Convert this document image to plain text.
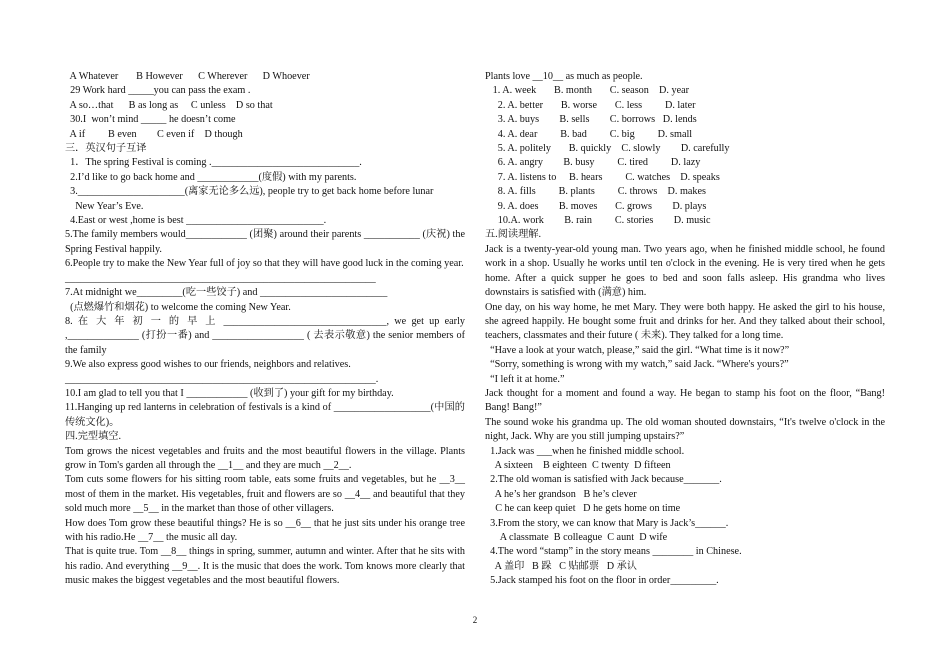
A Whatever       B However      C Wherever      D Whoever
29 Work hard _____you can pass the exam .
A so…that      B as long as     C unless    D so that
30.I  won’t mind _____ he doesn’t come
A if         B even        C even if    D though
三．英汉句子互译
1．The spring Festival is coming ._____________________________.
2.I’d like to go back home and ____________(度假) with my parents.
3._____________________(离家无论多么远), people try to get back home before lunar
New Year’s Eve.
4.East or west ,home is best ___________________________.
5.The family members would____________ (团聚) around their parents ___________ (庆祝) the Spring Festival happily.
6.People try to make the New Year full of joy so that they will have good luck in the coming year.
_____________________________________________________________
7.At midnight we_________(吃一些饺子) and _________________________
(点燃爆竹和烟花) to welcome the coming New Year.
8. 在 大 年 初 一 的 早 上 ________________________________, we get up early ,______________ (打扮一番) and __________________ ( 去表示敬意) the senior members of the family
9.We also express good wishes to our friends, neighbors and relatives.
_____________________________________________________________.
10.I am glad to tell you that I ____________ (收到了) your gift for my birthday.
11.Hanging up red lanterns in celebration of festivals is a kind of ___________________(中国的传统文化)。
四.完型填空.
Tom grows the nicest vegetables and fruits and the most beautiful flowers in the village. Plants grow in Tom's garden all through the __1__ and they are much __2__.
Tom cuts some flowers for his sitting room table, eats some fruits and vegetables, but he __3__ most of them in the market. His vegetables, fruit and flowers are so __4__ and beautiful that they sold much more __5__ in the market than those of other villagers.
How does Tom grow these beautiful things? He is so __6__ that he just sits under his orange tree with his radio.He __7__ the music all day.
That is quite true. Tom __8__ things in spring, summer, autumn and winter. After that he sits with his radio. And everything __9__. It is the music that does the work. Tom knows more clearly that music makes the biggest vegetables and the most beautiful flowers.
Plants love __10__ as much as people.
1. A. week       B. month       C. season    D. year
2. A. better       B. worse       C. less         D. later
3. A. buys        B. sells        C. borrows   D. lends
4. A. dear         B. bad         C. big         D. small
5. A. politely       B. quickly    C. slowly        D. carefully
6. A. angry        B. busy         C. tired         D. lazy
7. A. listens to     B. hears         C. watches    D. speaks
8. A. fills         B. plants         C. throws    D. makes
9. A. does        B. moves       C. grows        D. plays
10.A. work        B. rain         C. stories        D. music
五.阅读理解.
Jack is a twenty-year-old young man. Two years ago, when he finished middle school, he found work in a shop. Usually he works until ten o'clock in the evening. He is very tired when he gets home. After a quick supper he goes to bed and soon falls asleep. His grandma who lives downstairs is satisfied with (满意) him.
One day, on his way home, he met Mary. They were both happy. He asked the girl to his house, she agreed happily. He bought some fruit and drinks for her. And they talked about their school, teachers, classmates and their future ( 未来). They talked for a long time.
“Have a look at your watch, please,” said the girl. “What time is it now?”
“Sorry, something is wrong with my watch,” said Jack. “Where's yours?”
“I left it at home.”
Jack thought for a moment and found a way. He began to stamp his foot on the floor, “Bang! Bang! Bang!”
The sound woke his grandma up. The old woman shouted downstairs, “It's twelve o'clock in the night, Jack. Why are you still jumping upstairs?”
1.Jack was ___when he finished middle school.
A sixteen    B eighteen  C twenty  D fifteen
2.The old woman is satisfied with Jack because_______.
A he’s her grandson   B he’s clever
C he can keep quiet   D he gets home on time
3.From the story, we can know that Mary is Jack’s______.
A classmate  B colleague  C aunt  D wife
4.The word “stamp” in the story means ________ in Chinese.
A 盖印   B 跺   C 贴邮票   D 承认
5.Jack stamped his foot on the floor in order_________.
2
